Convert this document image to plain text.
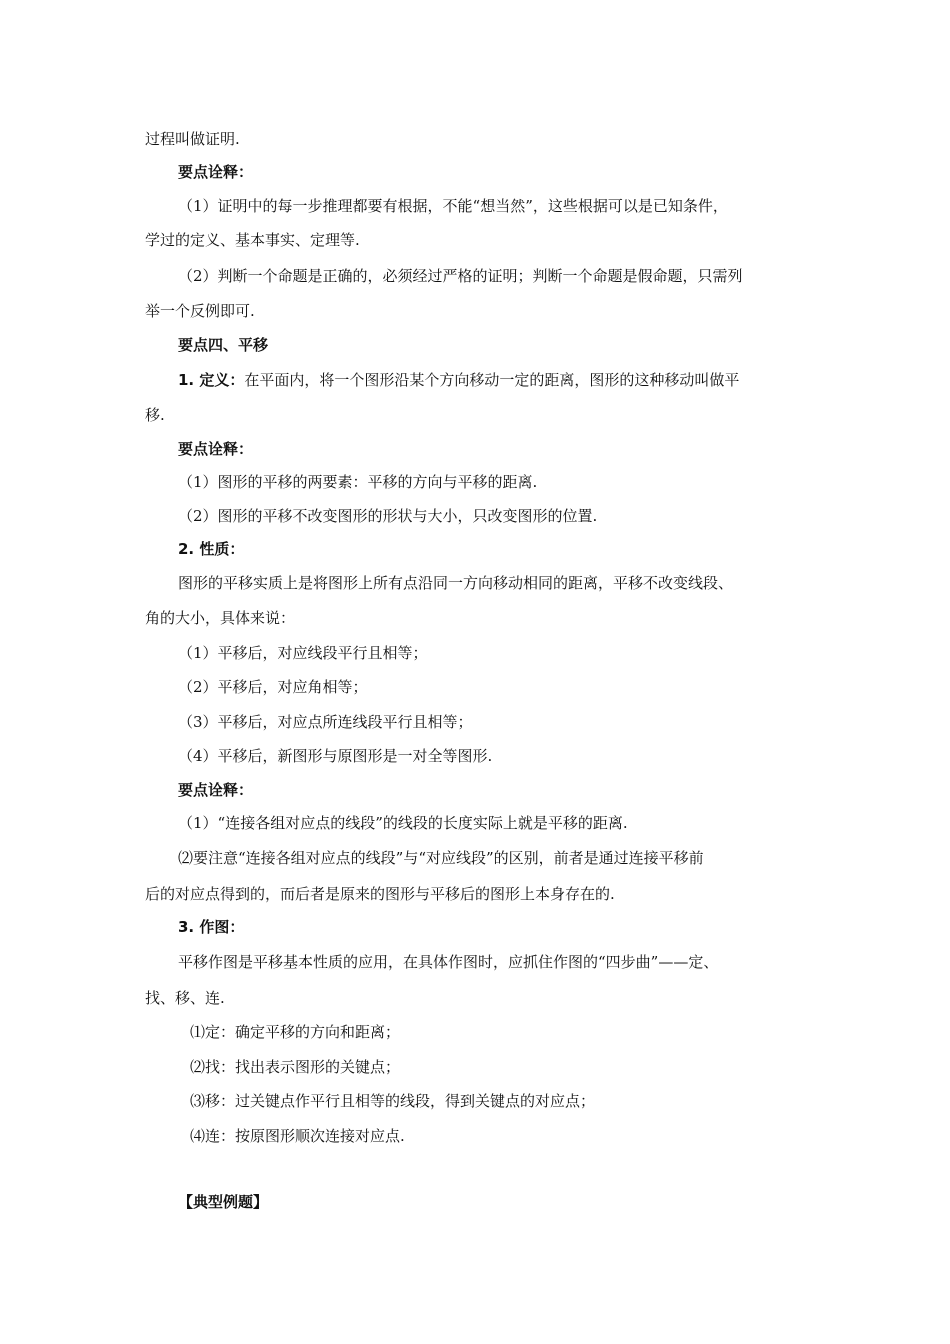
过程叫做证明.
要点诠释：
（1）证明中的每一步推理都要有根据，不能“想当然”，这些根据可以是已知条件，
学过的定义、基本事实、定理等.
（2）判断一个命题是正确的，必须经过严格的证明；判断一个命题是假命题，只需列
举一个反例即可.
要点四、平移
1. 定义：在平面内，将一个图形沿某个方向移动一定的距离，图形的这种移动叫做平
移.
要点诠释：
（1）图形的平移的两要素：平移的方向与平移的距离.
（2）图形的平移不改变图形的形状与大小，只改变图形的位置.
2. 性质：
图形的平移实质上是将图形上所有点沿同一方向移动相同的距离，平移不改变线段、
角的大小，具体来说：
（1）平移后，对应线段平行且相等；
（2）平移后，对应角相等；
（3）平移后，对应点所连线段平行且相等；
（4）平移后，新图形与原图形是一对全等图形.
要点诠释：
（1）“连接各组对应点的线段”的线段的长度实际上就是平移的距离.
⑵要注意“连接各组对应点的线段”与“对应线段”的区别，前者是通过连接平移前
后的对应点得到的，而后者是原来的图形与平移后的图形上本身存在的.
3. 作图：
平移作图是平移基本性质的应用，在具体作图时，应抓住作图的“四步曲”——定、
找、移、连.
⑴定：确定平移的方向和距离；
⑵找：找出表示图形的关键点；
⑶移：过关键点作平行且相等的线段，得到关键点的对应点；
⑷连：按原图形顺次连接对应点.
【典型例题】
